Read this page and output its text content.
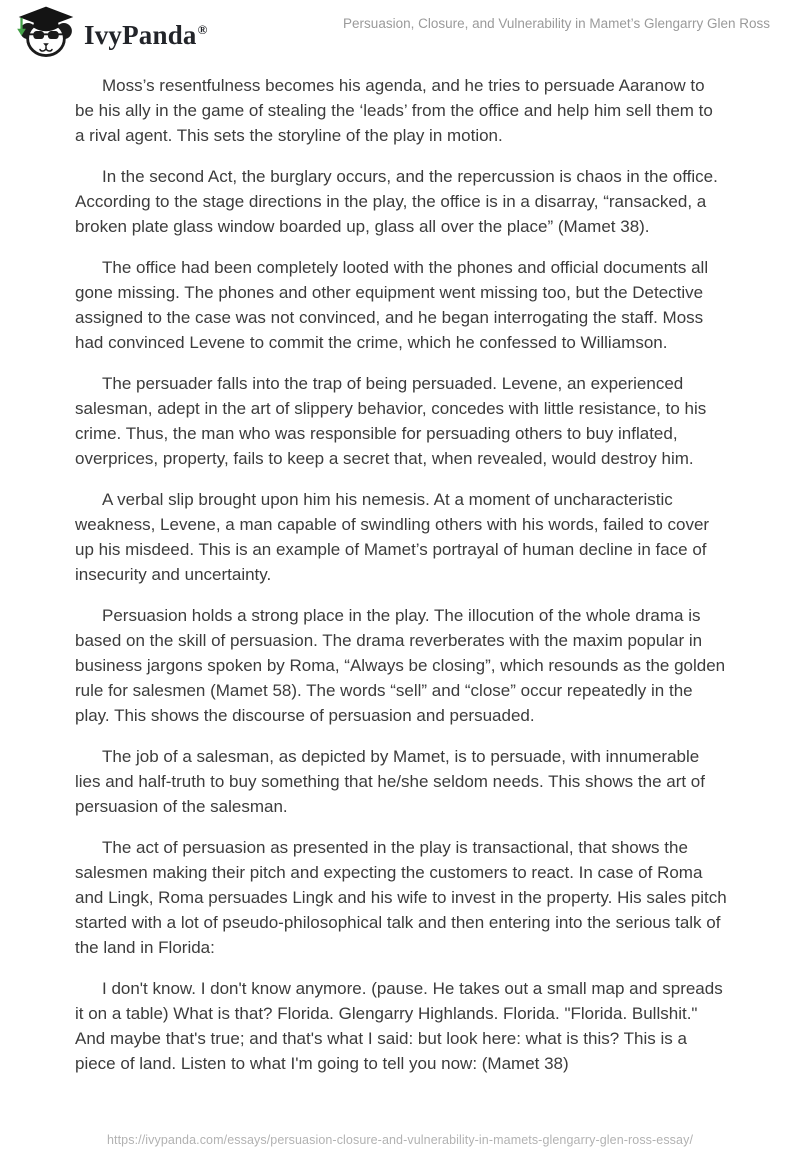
IvyPanda®	Persuasion, Closure, and Vulnerability in Mamet’s Glengarry Glen Ross

Moss’s resentfulness becomes his agenda, and he tries to persuade Aaranow to be his ally in the game of stealing the ‘leads’ from the office and help him sell them to a rival agent. This sets the storyline of the play in motion.

In the second Act, the burglary occurs, and the repercussion is chaos in the office. According to the stage directions in the play, the office is in a disarray, “ransacked, a broken plate glass window boarded up, glass all over the place” (Mamet 38).

The office had been completely looted with the phones and official documents all gone missing. The phones and other equipment went missing too, but the Detective assigned to the case was not convinced, and he began interrogating the staff. Moss had convinced Levene to commit the crime, which he confessed to Williamson.

The persuader falls into the trap of being persuaded. Levene, an experienced salesman, adept in the art of slippery behavior, concedes with little resistance, to his crime. Thus, the man who was responsible for persuading others to buy inflated, overprices, property, fails to keep a secret that, when revealed, would destroy him.

A verbal slip brought upon him his nemesis. At a moment of uncharacteristic weakness, Levene, a man capable of swindling others with his words, failed to cover up his misdeed. This is an example of Mamet’s portrayal of human decline in face of insecurity and uncertainty.

Persuasion holds a strong place in the play. The illocution of the whole drama is based on the skill of persuasion. The drama reverberates with the maxim popular in business jargons spoken by Roma, “Always be closing”, which resounds as the golden rule for salesmen (Mamet 58). The words “sell” and “close” occur repeatedly in the play. This shows the discourse of persuasion and persuaded.

The job of a salesman, as depicted by Mamet, is to persuade, with innumerable lies and half-truth to buy something that he/she seldom needs. This shows the art of persuasion of the salesman.

The act of persuasion as presented in the play is transactional, that shows the salesmen making their pitch and expecting the customers to react. In case of Roma and Lingk, Roma persuades Lingk and his wife to invest in the property. His sales pitch started with a lot of pseudo-philosophical talk and then entering into the serious talk of the land in Florida:

I don't know. I don't know anymore. (pause. He takes out a small map and spreads it on a table) What is that? Florida. Glengarry Highlands. Florida. "Florida. Bullshit." And maybe that's true; and that's what I said: but look here: what is this? This is a piece of land. Listen to what I'm going to tell you now: (Mamet 38)

https://ivypanda.com/essays/persuasion-closure-and-vulnerability-in-mamets-glengarry-glen-ross-essay/
